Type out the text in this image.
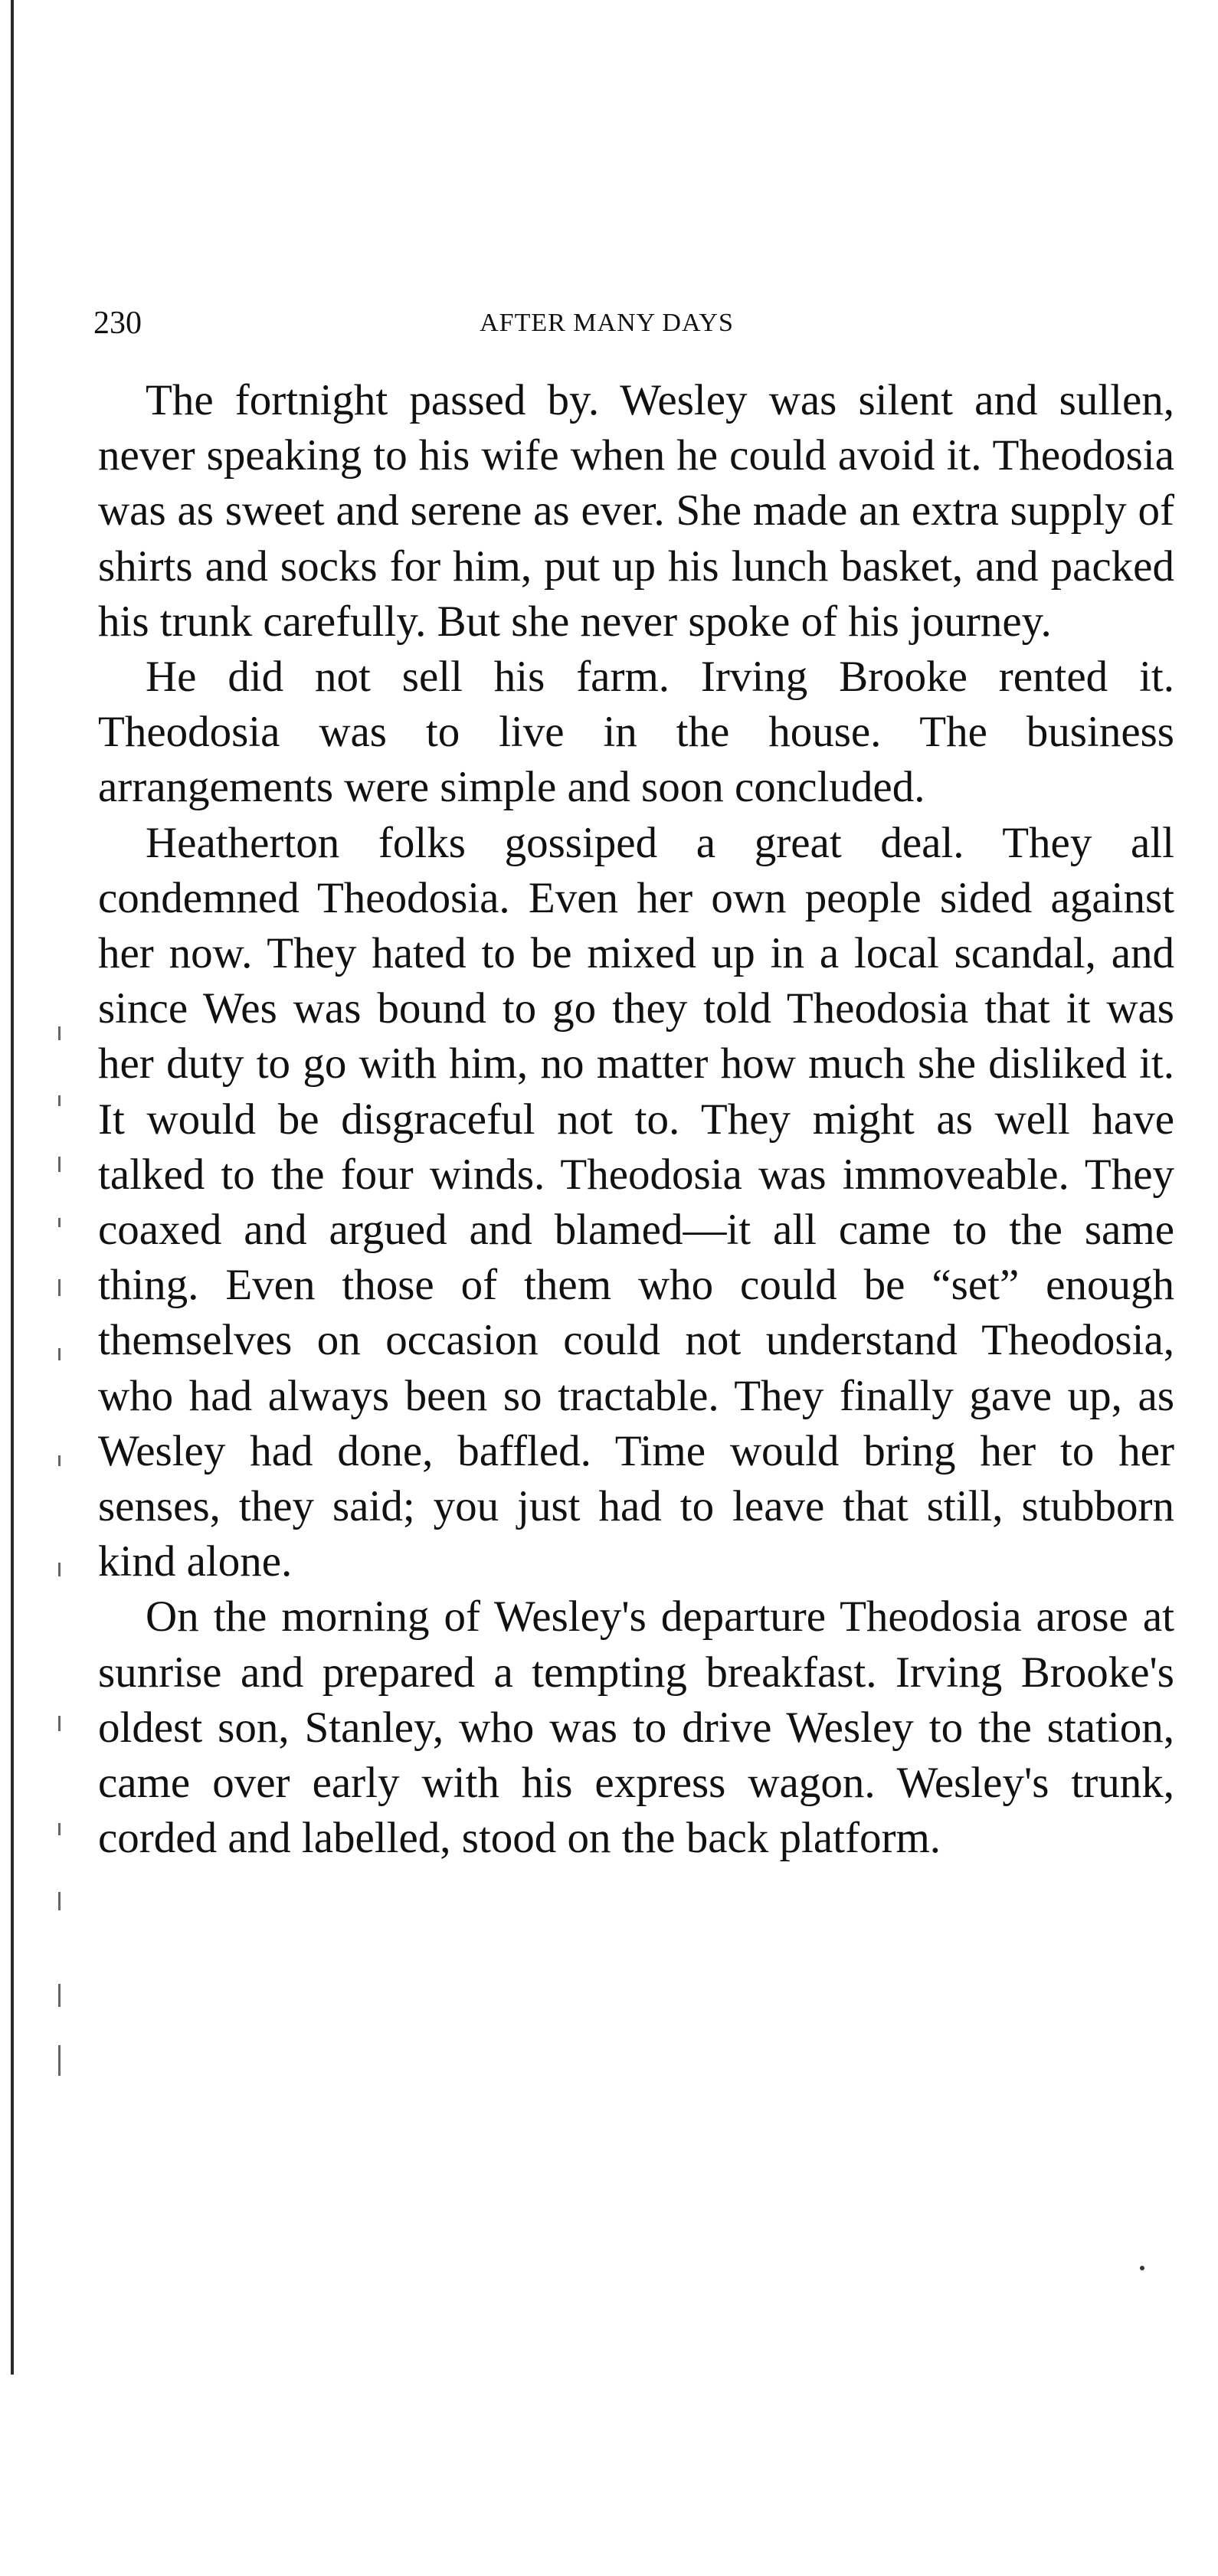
230	AFTER MANY DAYS

The fortnight passed by. Wesley was silent and sullen, never speaking to his wife when he could avoid it. Theodosia was as sweet and serene as ever. She made an extra supply of shirts and socks for him, put up his lunch basket, and packed his trunk carefully. But she never spoke of his journey.

He did not sell his farm. Irving Brooke rented it. Theodosia was to live in the house. The business arrangements were simple and soon concluded.

Heatherton folks gossiped a great deal. They all condemned Theodosia. Even her own people sided against her now. They hated to be mixed up in a local scandal, and since Wes was bound to go they told Theodosia that it was her duty to go with him, no matter how much she disliked it. It would be disgraceful not to. They might as well have talked to the four winds. Theodosia was immoveable. They coaxed and argued and blamed—it all came to the same thing. Even those of them who could be “set” enough themselves on occasion could not understand Theodosia, who had always been so tractable. They finally gave up, as Wesley had done, baffled. Time would bring her to her senses, they said; you just had to leave that still, stubborn kind alone.

On the morning of Wesley's departure Theodosia arose at sunrise and prepared a tempting breakfast. Irving Brooke's oldest son, Stanley, who was to drive Wesley to the station, came over early with his express wagon. Wesley's trunk, corded and labelled, stood on the back platform.
